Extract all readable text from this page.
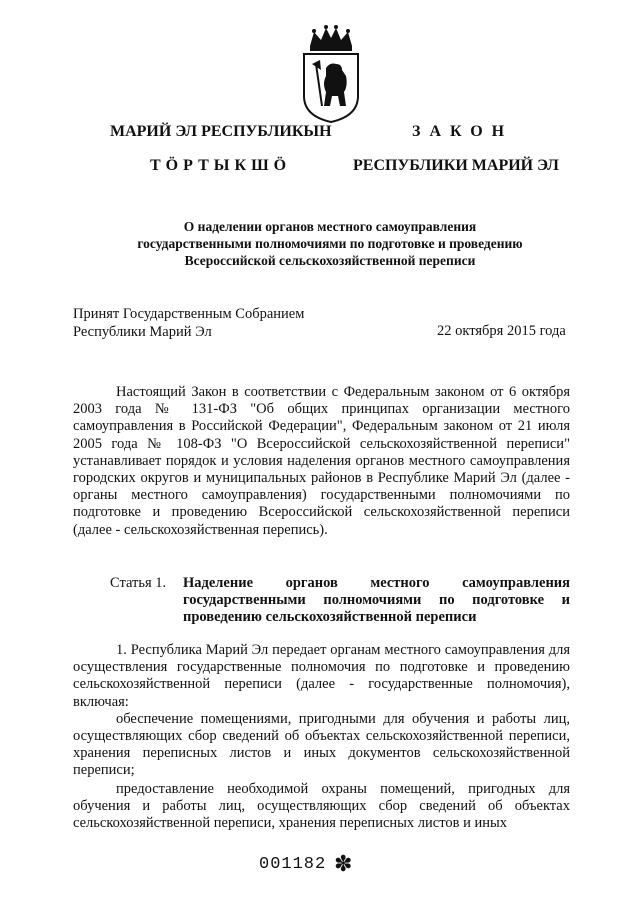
МАРИЙ ЭЛ РЕСПУБЛИКЫН
ТӦРТЫКШӦ
ЗАКОН
РЕСПУБЛИКИ МАРИЙ ЭЛ
О наделении органов местного самоуправления
государственными полномочиями по подготовке и проведению
Всероссийской сельскохозяйственной переписи
Принят Государственным Собранием
Республики Марий Эл	22 октября 2015 года

Настоящий Закон в соответствии с Федеральным законом от 6 октября 2003 года № 131-ФЗ "Об общих принципах организации местного самоуправления в Российской Федерации", Федеральным законом от 21 июля 2005 года № 108-ФЗ "О Всероссийской сельскохозяйственной переписи" устанавливает порядок и условия наделения органов местного самоуправления городских округов и муниципальных районов в Республике Марий Эл (далее - органы местного самоуправления) государственными полномочиями по подготовке и проведению Всероссийской сельскохозяйственной переписи (далее - сельскохозяйственная перепись).

Статья 1. Наделение органов местного самоуправления государственными полномочиями по подготовке и проведению сельскохозяйственной переписи

1. Республика Марий Эл передает органам местного самоуправления для осуществления государственные полномочия по подготовке и проведению сельскохозяйственной переписи (далее - государственные полномочия), включая:

обеспечение помещениями, пригодными для обучения и работы лиц, осуществляющих сбор сведений об объектах сельскохозяйственной переписи, хранения переписных листов и иных документов сельскохозяйственной переписи;

предоставление необходимой охраны помещений, пригодных для обучения и работы лиц, осуществляющих сбор сведений об объектах сельскохозяйственной переписи, хранения переписных листов и иных

001182 ✽
